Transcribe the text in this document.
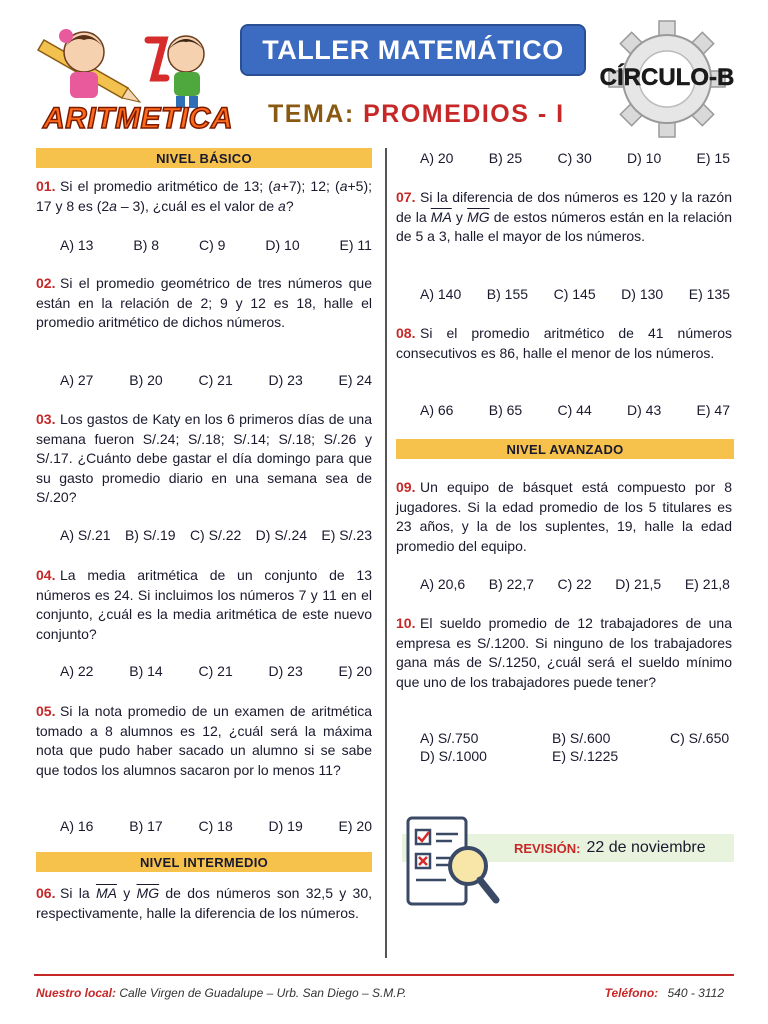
ARITMETICA
TALLER MATEMÁTICO
CÍRCULO-B
TEMA: PROMEDIOS - I
NIVEL BÁSICO
01. Si el promedio aritmético de 13; (a+7); 12; (a+5); 17 y 8 es (2a – 3), ¿cuál es el valor de a?
A) 13	B) 8	C) 9	D) 10	E) 11
02. Si el promedio geométrico de tres números que están en la relación de 2; 9 y 12 es 18, halle el promedio aritmético de dichos números.
A) 27	B) 20	C) 21	D) 23	E) 24
03. Los gastos de Katy en los 6 primeros días de una semana fueron S/.24; S/.18; S/.14; S/.18; S/.26 y S/.17. ¿Cuánto debe gastar el día domingo para que su gasto promedio diario en una semana sea de S/.20?
A) S/.21 B) S/.19 C) S/.22 D) S/.24 E) S/.23
04. La media aritmética de un conjunto de 13 números es 24. Si incluimos los números 7 y 11 en el conjunto, ¿cuál es la media aritmética de este nuevo conjunto?
A) 22	B) 14	C) 21	D) 23	E) 20
05. Si la nota promedio de un examen de aritmética tomado a 8 alumnos es 12, ¿cuál será la máxima nota que pudo haber sacado un alumno si se sabe que todos los alumnos sacaron por lo menos 11?
A) 16	B) 17	C) 18	D) 19	E) 20
NIVEL INTERMEDIO
06. Si la $\overline{MA}$ y $\overline{MG}$ de dos números son 32,5 y 30, respectivamente, halle la diferencia de los números.
A) 20	B) 25	C) 30	D) 10	E) 15
07. Si la diferencia de dos números es 120 y la razón de la $\overline{MA}$ y $\overline{MG}$ de estos números están en la relación de 5 a 3, halle el mayor de los números.
A) 140 B) 155 C) 145 D) 130 E) 135
08. Si el promedio aritmético de 41 números consecutivos es 86, halle el menor de los números.
A) 66	B) 65	C) 44	D) 43	E) 47
NIVEL AVANZADO
09. Un equipo de básquet está compuesto por 8 jugadores. Si la edad promedio de los 5 titulares es 23 años, y la de los suplentes, 19, halle la edad promedio del equipo.
A) 20,6 B) 22,7 C) 22 D) 21,5 E) 21,8
10. El sueldo promedio de 12 trabajadores de una empresa es S/.1200. Si ninguno de los trabajadores gana más de S/.1250, ¿cuál será el sueldo mínimo que uno de los trabajadores puede tener?
A) S/.750	B) S/.600	C) S/.650
D) S/.1000	E) S/.1225
REVISIÓN: 22 de noviembre
Nuestro local: Calle Virgen de Guadalupe – Urb. San Diego – S.M.P.	Teléfono: 540 - 3112
